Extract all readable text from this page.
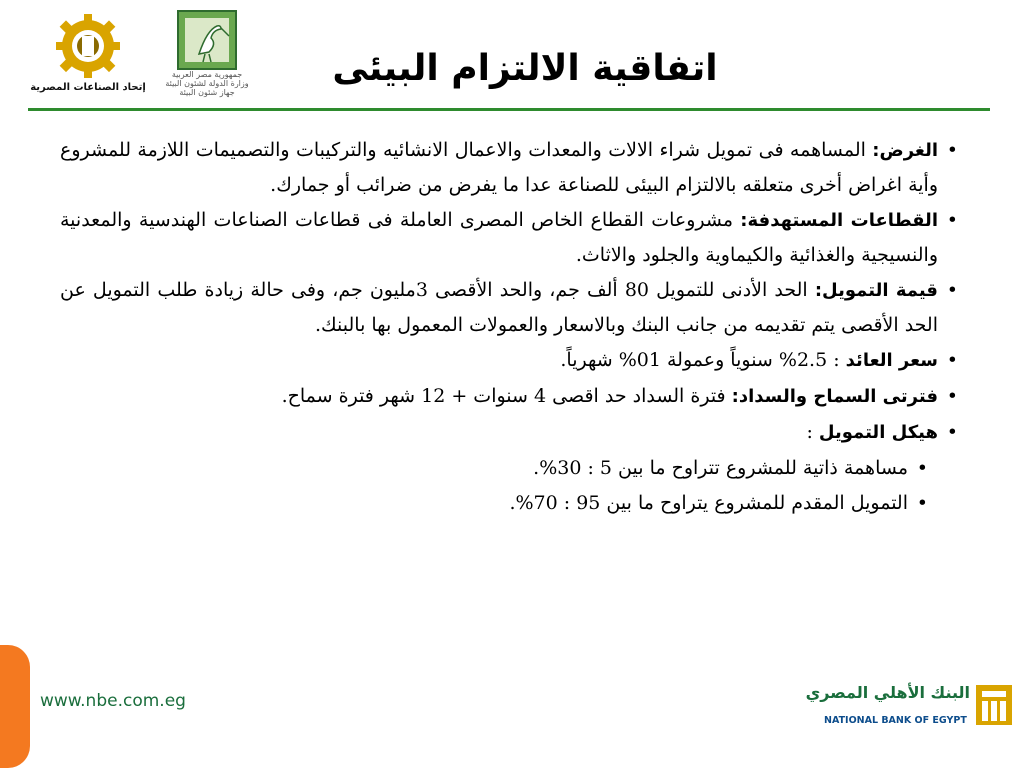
إتحاد الصناعات المصرية
جمهورية مصر العربية
وزارة الدولة لشئون البيئة
جهاز شئون البيئة
اتفاقية الالتزام البيئى
• الغرض: المساهمه فى تمويل شراء الالات والمعدات والاعمال الانشائيه والتركيبات والتصميمات اللازمة للمشروع وأية اغراض أخرى متعلقه بالالتزام البيئى للصناعة عدا ما يفرض من ضرائب أو جمارك.
• القطاعات المستهدفة: مشروعات القطاع الخاص المصرى العاملة فى قطاعات الصناعات الهندسية والمعدنية والنسيجية والغذائية والكيماوية والجلود والاثاث.
• قيمة التمويل: الحد الأدنى للتمويل 80 ألف جم، والحد الأقصى 3مليون جم، وفى حالة زيادة طلب التمويل عن الحد الأقصى يتم تقديمه من جانب البنك وبالاسعار والعمولات المعمول بها بالبنك.
• سعر العائد : 2.5% سنوياً وعمولة 01% شهرياً.
• فترتى السماح والسداد: فترة السداد حد اقصى 4 سنوات + 12 شهر فترة سماح.
• هيكل التمويل :
• مساهمة ذاتية للمشروع تتراوح ما بين 5 : 30%.
• التمويل المقدم للمشروع يتراوح ما بين 95 : 70%.
www.nbe.com.eg	البنك الأهلي المصري
NATIONAL BANK OF EGYPT
